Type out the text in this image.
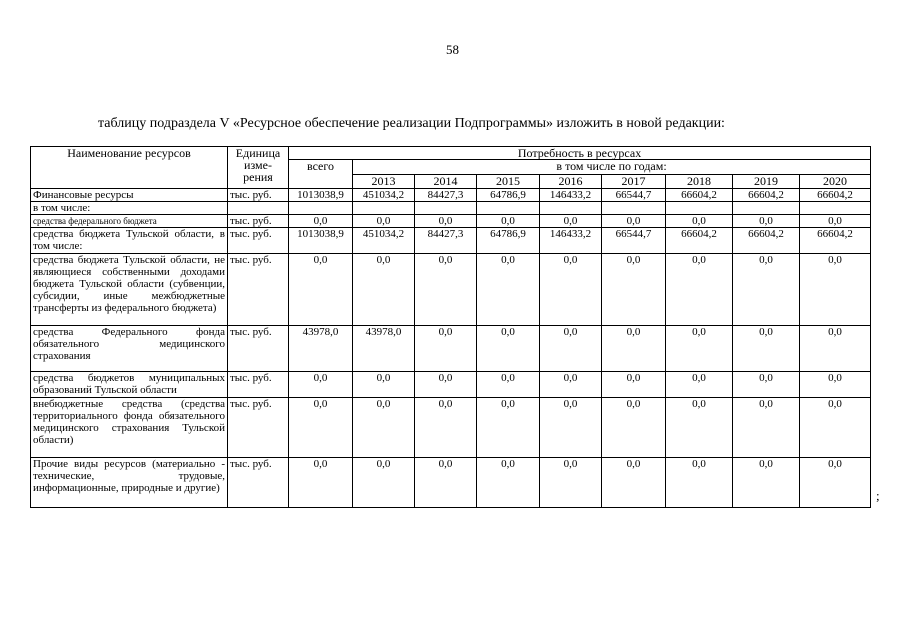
58
таблицу подраздела V «Ресурсное обеспечение реализации Подпрограммы» изложить в новой редакции:
Наименование ресурсов	Единица изме-рения	Потребность в ресурсах								
		всего	в том числе по годам:							
			2013	2014	2015	2016	2017	2018	2019	2020
Финансовые ресурсы	тыс. руб.	1013038,9	451034,2	84427,3	64786,9	146433,2	66544,7	66604,2	66604,2	66604,2
в том числе:										
средства федерального бюджета	тыс. руб.	0,0	0,0	0,0	0,0	0,0	0,0	0,0	0,0	0,0
средства бюджета Тульской области, в том числе:	тыс. руб.	1013038,9	451034,2	84427,3	64786,9	146433,2	66544,7	66604,2	66604,2	66604,2
средства бюджета Тульской области, не являющиеся собственными доходами бюджета Тульской области (субвенции, субсидии, иные межбюджетные трансферты из федерального бюджета)	тыс. руб.	0,0	0,0	0,0	0,0	0,0	0,0	0,0	0,0	0,0
средства Федерального фонда обязательного медицинского страхования	тыс. руб.	43978,0	43978,0	0,0	0,0	0,0	0,0	0,0	0,0	0,0
средства бюджетов муниципальных образований Тульской области	тыс. руб.	0,0	0,0	0,0	0,0	0,0	0,0	0,0	0,0	0,0
внебюджетные средства (средства территориального фонда обязательного медицинского страхования Тульской области)	тыс. руб.	0,0	0,0	0,0	0,0	0,0	0,0	0,0	0,0	0,0
Прочие виды ресурсов (материально - технические, трудовые, информационные, природные и другие)	тыс. руб.	0,0	0,0	0,0	0,0	0,0	0,0	0,0	0,0	0,0
;
